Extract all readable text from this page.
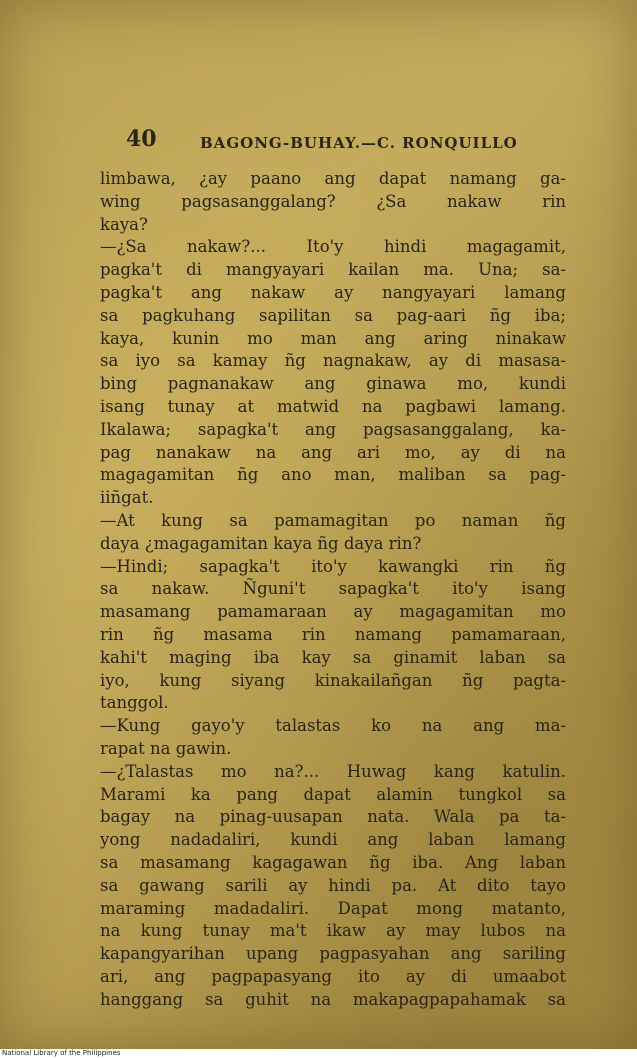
40	BAGONG-BUHAY.—C. RONQUILLO
limbawa, ¿ay paano ang dapat namang ga-
wing pagsasanggalang? ¿Sa nakaw rin
kaya?
—¿Sa nakaw?... Ito'y hindi magagamit,
pagka't di mangyayari kailan ma. Una; sa-
pagka't ang nakaw ay nangyayari lamang
sa pagkuhang sapilitan sa pag-aari ñg iba;
kaya, kunin mo man ang aring ninakaw
sa iyo sa kamay ñg nagnakaw, ay di masasa-
bing pagnanakaw ang ginawa mo, kundi
isang tunay at matwid na pagbawi lamang.
Ikalawa; sapagka't ang pagsasanggalang, ka-
pag nanakaw na ang ari mo, ay di na
magagamitan ñg ano man, maliban sa pag-
iiñgat.
—At kung sa pamamagitan po naman ñg
daya ¿magagamitan kaya ñg daya rin?
—Hindi; sapagka't ito'y kawangki rin ñg
sa nakaw. Ñguni't sapagka't ito'y isang
masamang pamamaraan ay magagamitan mo
rin ñg masama rin namang pamamaraan,
kahi't maging iba kay sa ginamit laban sa
iyo, kung siyang kinakailañgan ñg pagta-
tanggol.
—Kung gayo'y talastas ko na ang ma-
rapat na gawin.
—¿Talastas mo na?... Huwag kang katulin.
Marami ka pang dapat alamin tungkol sa
bagay na pinag-uusapan nata. Wala pa ta-
yong nadadaliri, kundi ang laban lamang
sa masamang kagagawan ñg iba. Ang laban
sa gawang sarili ay hindi pa. At dito tayo
maraming madadaliri. Dapat mong matanto,
na kung tunay ma't ikaw ay may lubos na
kapangyarihan upang pagpasyahan ang sariling
ari, ang pagpapasyang ito ay di umaabot
hanggang sa guhit na makapagpapahamak sa
National Library of the Philippines
